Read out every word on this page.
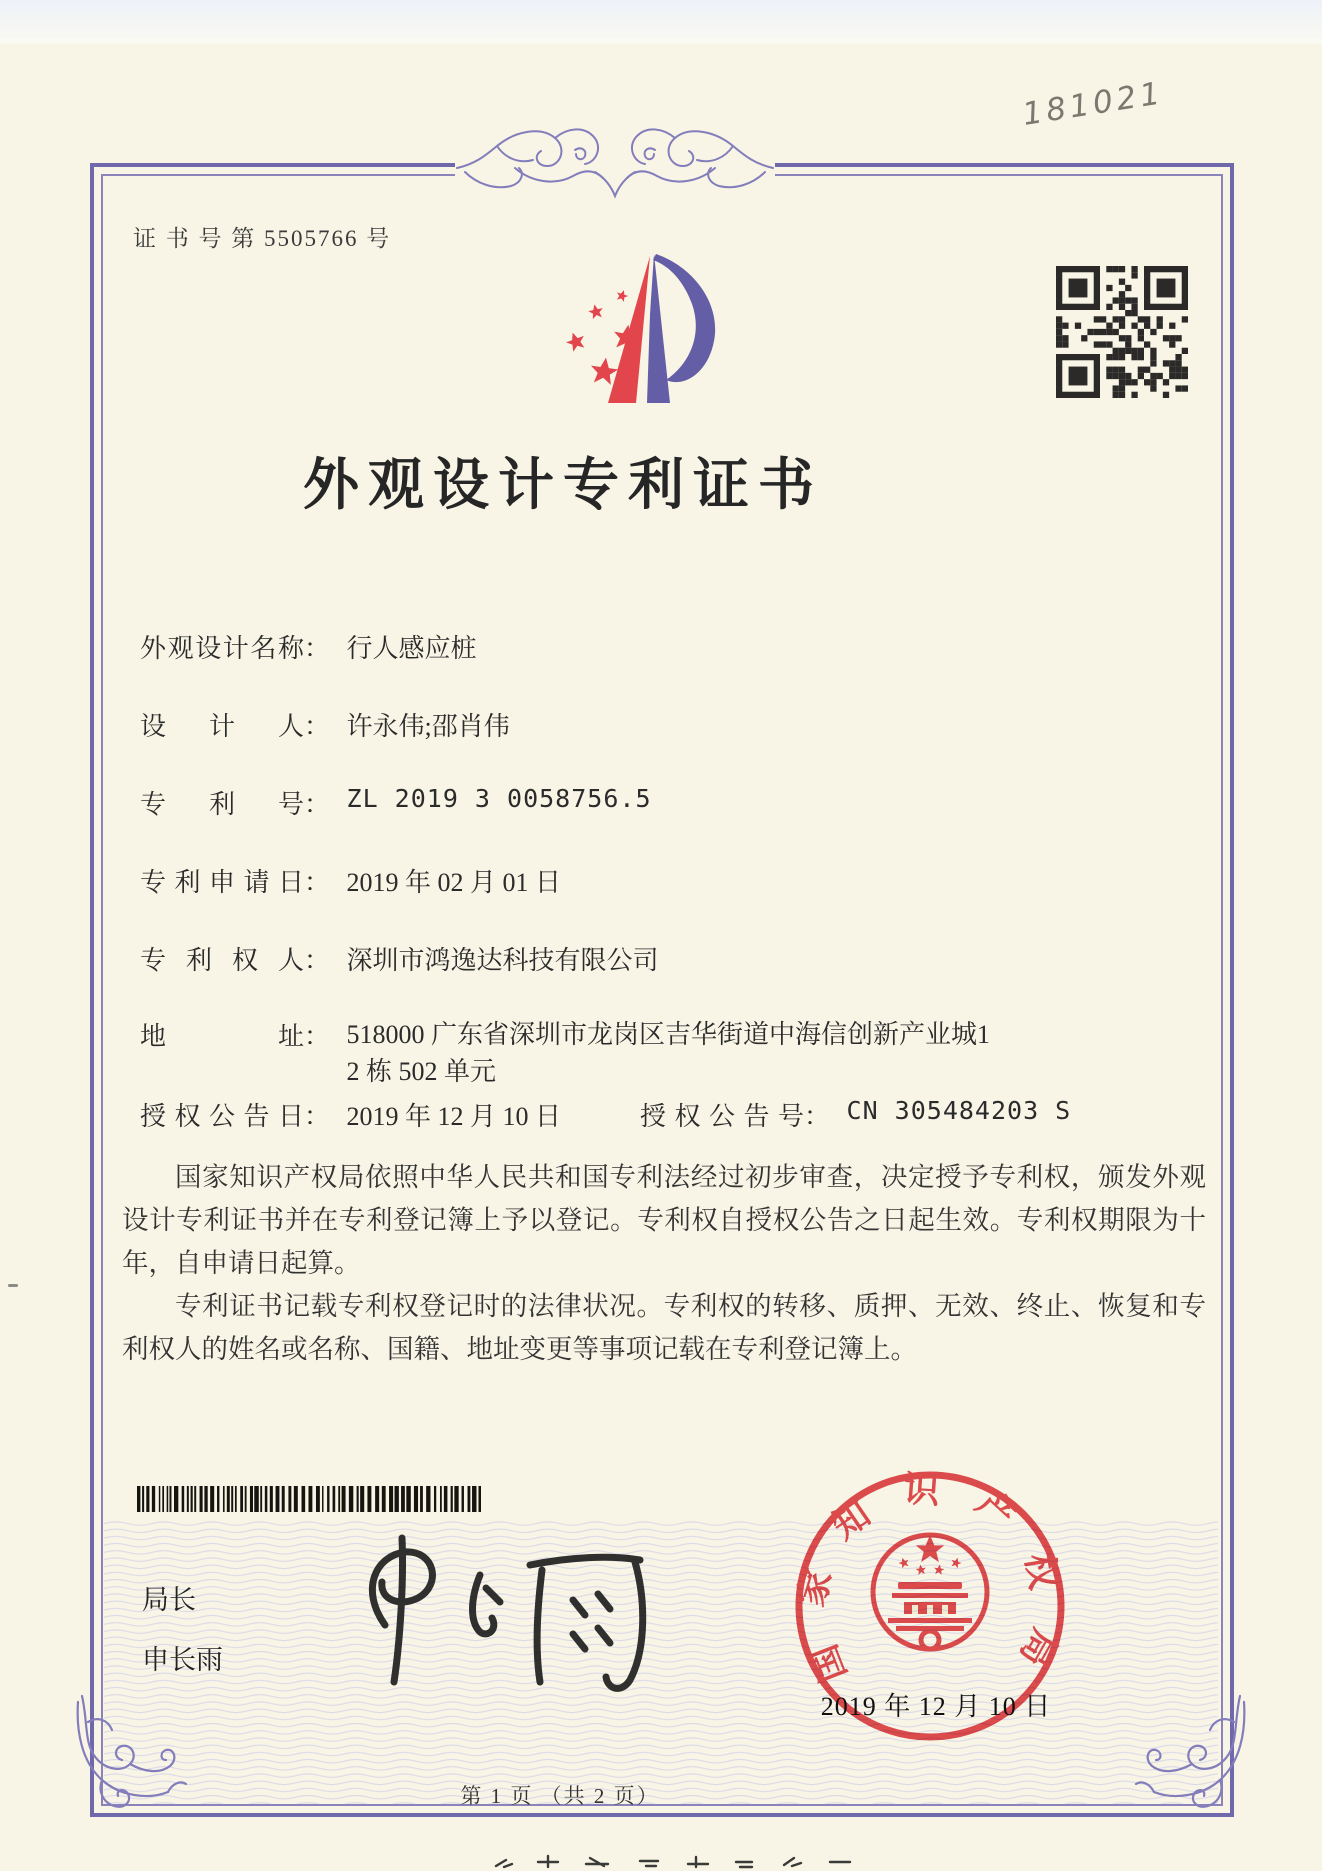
181021
证 书 号 第 5505766 号
外观设计专利证书
外观设计名称： 行人感应桩
设计人： 许永伟;邵肖伟
专利号： ZL 2019 3 0058756.5
专利申请日： 2019 年 02 月 01 日
专利权人： 深圳市鸿逸达科技有限公司
地址： 518000 广东省深圳市龙岗区吉华街道中海信创新产业城1
2 栋 502 单元
授权公告日： 2019 年 12 月 10 日	授权公告号： CN 305484203 S

国家知识产权局依照中华人民共和国专利法经过初步审查，决定授予专利权，颁发外观设计专利证书并在专利登记簿上予以登记。专利权自授权公告之日起生效。专利权期限为十年，自申请日起算。

专利证书记载专利权登记时的法律状况。专利权的转移、质押、无效、终止、恢复和专利权人的姓名或名称、国籍、地址变更等事项记载在专利登记簿上。

局长
申长雨	国家知识产权局
2019 年 12 月 10 日
第 1 页 （共 2 页）
